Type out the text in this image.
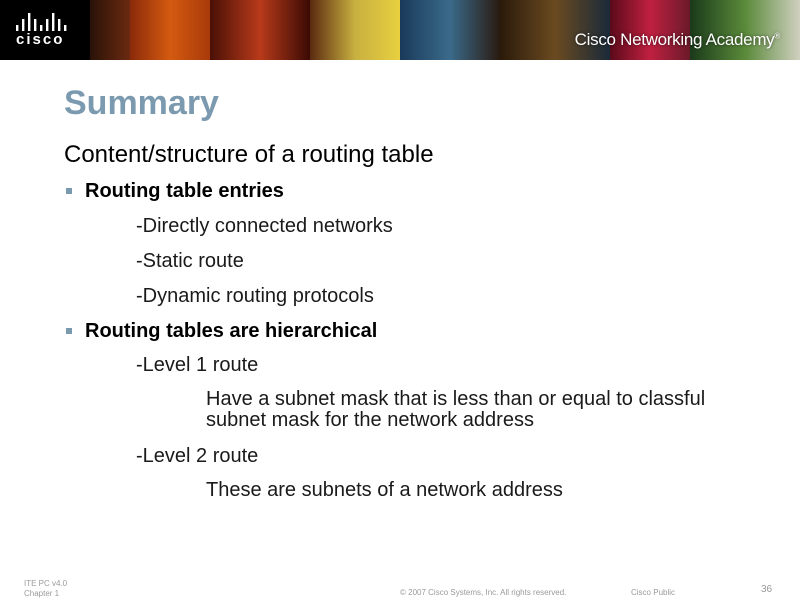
cisco	Cisco Networking Academy®
Summary
Content/structure of a routing table
Routing table entries
-Directly connected networks
-Static route
-Dynamic routing protocols
Routing tables are hierarchical
-Level 1 route
Have a subnet mask that is less than or equal to classful subnet mask for the network address
-Level 2 route
These are subnets of a network address
ITE PC v4.0
Chapter 1	© 2007 Cisco Systems, Inc. All rights reserved.	Cisco Public	36
